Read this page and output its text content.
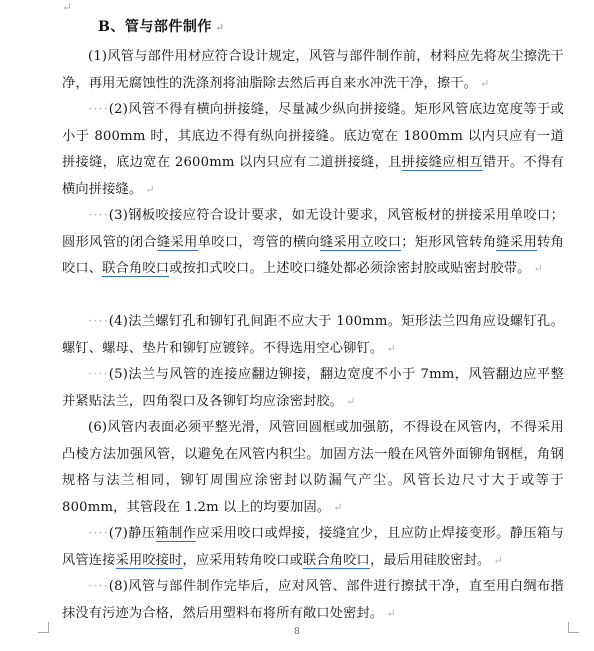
↵
B、管与部件制作 ↵
(1)风管与部件用材应符合设计规定，风管与部件制作前，材料应先将灰尘擦洗干净，再用无腐蚀性的洗涤剂将油脂除去然后再自来水冲洗干净，擦干。 ↵
····(2)风管不得有横向拼接缝，尽量减少纵向拼接缝。矩形风管底边宽度等于或小于 800mm 时，其底边不得有纵向拼接缝。底边宽在 1800mm 以内只应有一道拼接缝，底边宽在 2600mm 以内只应有二道拼接缝，且拼接缝应相互错开。不得有横向拼接缝。 ↵
····(3)钢板咬接应符合设计要求，如无设计要求，风管板材的拼接采用单咬口；圆形风管的闭合缝采用单咬口，弯管的横向缝采用立咬口；矩形风管转角缝采用转角咬口、联合角咬口或按扣式咬口。上述咬口缝处都必须涂密封胶或贴密封胶带。 ↵
····(4)法兰螺钉孔和铆钉孔间距不应大于 100mm。矩形法兰四角应设螺钉孔。螺钉、螺母、垫片和铆钉应镀锌。不得选用空心铆钉。 ↵
····(5)法兰与风管的连接应翻边铆接，翻边宽度不小于 7mm，风管翻边应平整并紧贴法兰，四角裂口及各铆钉均应涂密封胶。 ↵
(6)风管内表面必须平整光滑，风管回圆框或加强筋，不得设在风管内，不得采用凸棱方法加强风管，以避免在风管内积尘。加固方法一般在风管外面铆角钢框，角钢规格与法兰相同，铆钉周围应涂密封以防漏气产尘。风管长边尺寸大于或等于 800mm，其管段在 1.2m 以上的均要加固。 ↵
····(7)静压箱制作应采用咬口或焊接，接缝宜少，且应防止焊接变形。静压箱与风管连接采用咬接时，应采用转角咬口或联合角咬口，最后用硅胶密封。 ↵
····(8)风管与部件制作完毕后，应对风管、部件进行擦拭干净，直至用白绸布揩抹没有污迹为合格，然后用塑料布将所有敞口处密封。 ↵
8
